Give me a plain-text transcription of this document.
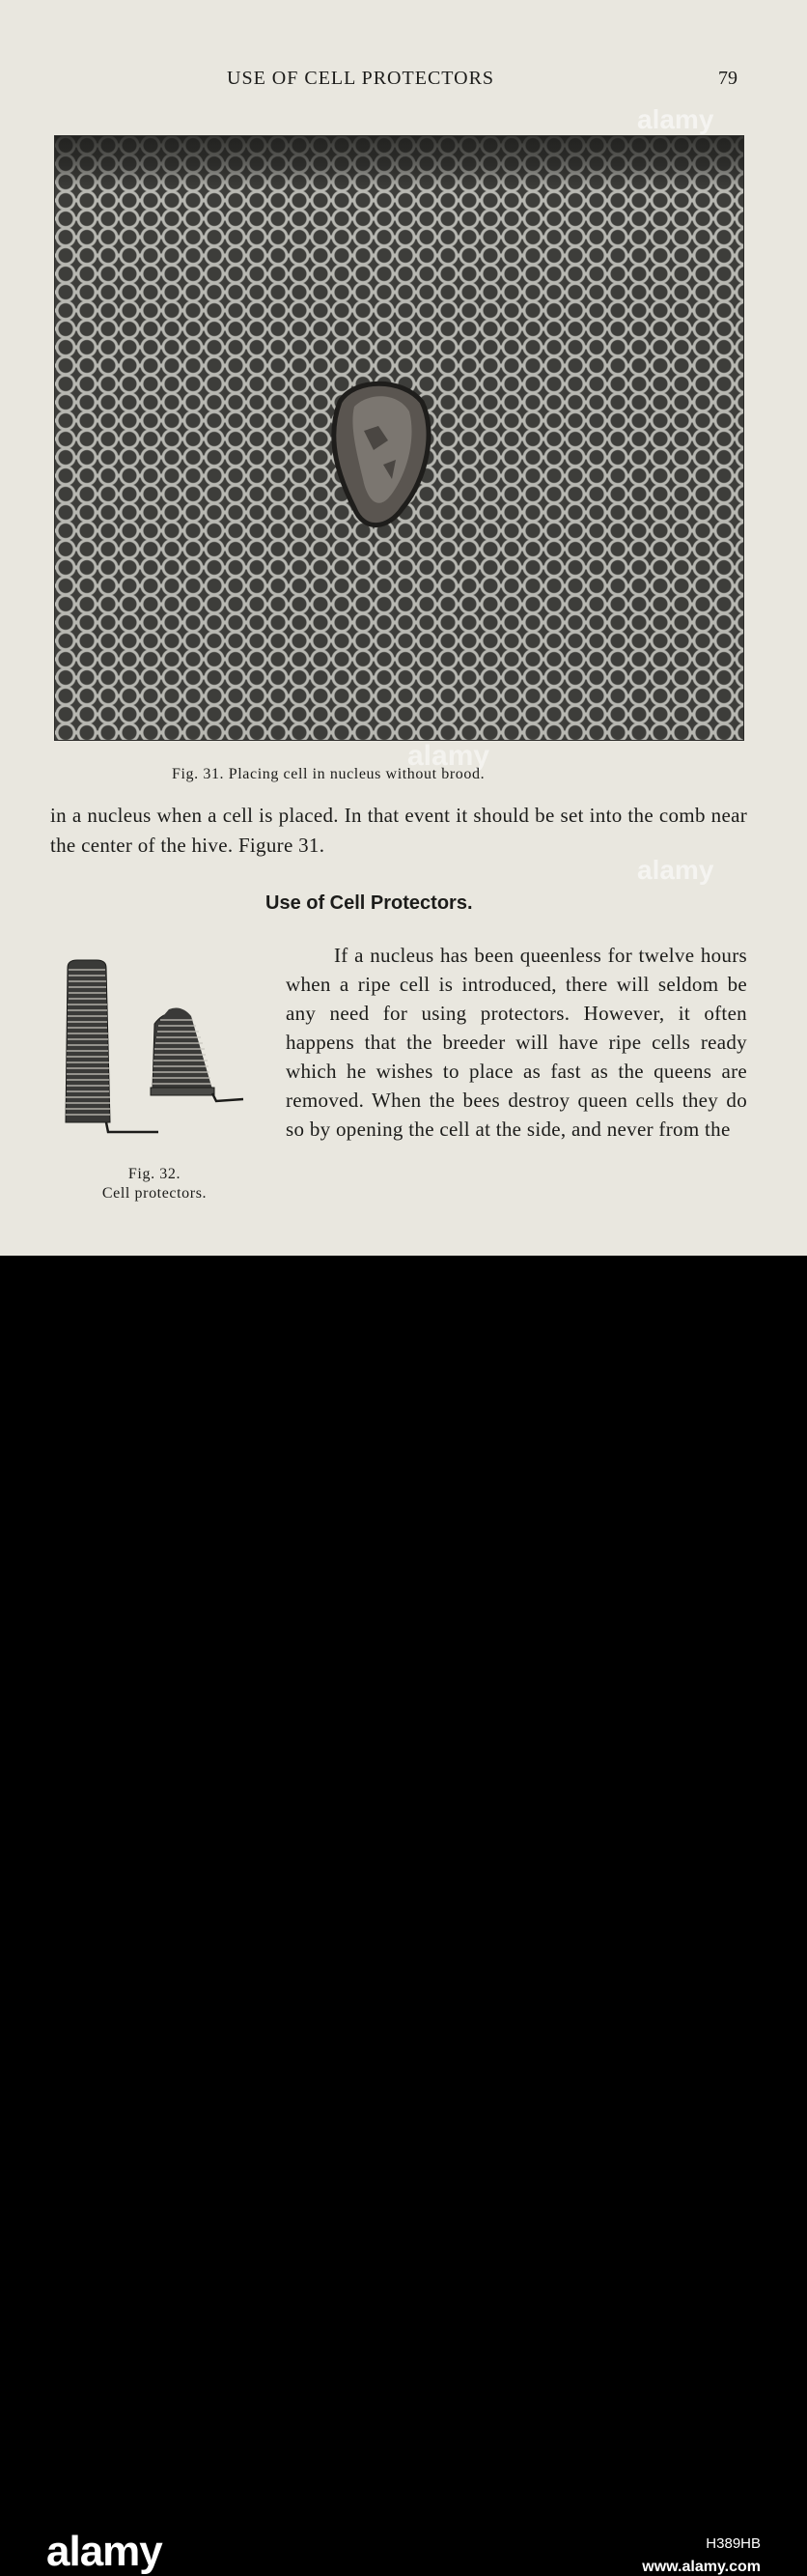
USE OF CELL PROTECTORS	79
alamy
alamy
Fig. 31. Placing cell in nucleus without brood.
in a nucleus when a cell is placed. In that event it should be set into the comb near the center of the hive. Figure 31.
alamy
Use of Cell Protectors.
If a nucleus has been queenless for twelve hours when a ripe cell is introduced, there will seldom be any need for using protectors. However, it often happens that the breeder will have ripe cells ready which he wishes to place as fast as the queens are removed. When the bees destroy queen cells they do so by opening the cell at the side, and never from the
Fig. 32.
Cell protectors.
alamy	H389HB
www.alamy.com
